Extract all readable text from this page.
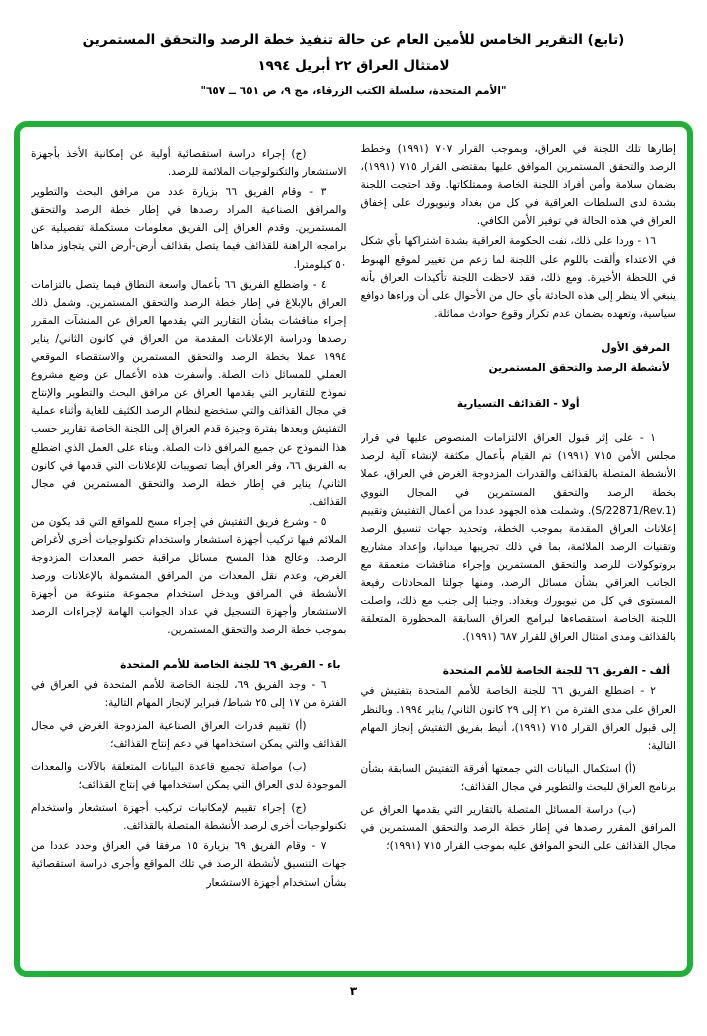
(تابع) التقرير الخامس للأمين العام عن حالة تنفيذ خطة الرصد والتحقق المستمرين
لامتثال العراق ٢٢ أبريل ١٩٩٤
"الأمم المتحدة، سلسلة الكتب الزرقاء، مج ٩، ص ٦٥١ ــ ٦٥٧"
إطارها تلك اللجنة في العراق، وبموجب القرار ٧٠٧ (١٩٩١) وخطط الرصد والتحقق المستمرين الموافق عليها بمقتضى القرار ٧١٥ (١٩٩١)، بضمان سلامة وأمن أفراد اللجنة الخاصة وممتلكاتها. وقد احتجت اللجنة بشدة لدى السلطات العراقية في كل من بغداد ونيويورك على إخفاق العراق في هذه الحالة في توفير الأمن الكافي.
١٦ - وردا على ذلك، نفت الحكومة العراقية بشدة اشتراكها بأي شكل في الاعتداء وألقت باللوم على اللجنة لما زعم من تغيير لموقع الهبوط في اللحظة الأخيرة. ومع ذلك، فقد لاحظت اللجنة تأكيدات العراق بأنه ينبغي ألا ينظر إلى هذه الحادثة بأي حال من الأحوال على أن وراءها دوافع سياسية، وتعهده بضمان عدم تكرار وقوع حوادث مماثلة.
المرفق الأول
لأنشطة الرصد والتحقق المستمرين
أولا - القذائف التسيارية
١ - على إثر قبول العراق الالتزامات المنصوص عليها في قرار مجلس الأمن ٧١٥ (١٩٩١) تم القيام بأعمال مكثفة لإنشاء آلية لرصد الأنشطة المتصلة بالقذائف والقدرات المزدوجة الغرض في العراق، عملا بخطة الرصد والتحقق المستمرين في المجال النووي (S/22871/Rev.1). وشملت هذه الجهود عددا من أعمال التفتيش وتقييم إعلانات العراق المقدمة بموجب الخطة، وتحديد جهات تنسيق الرصد وتقنيات الرصد الملائمة، بما في ذلك تجريبها ميدانيا، وإعداد مشاريع بروتوكولات للرصد والتحقق المستمرين وإجراء مناقشات متعمقة مع الجانب العراقي بشأن مسائل الرصد، ومنها جولتا المحادثات رفيعة المستوى في كل من نيويورك وبغداد. وجنبا إلى جنب مع ذلك، واصلت اللجنة الخاصة استقصاءها لبرامج العراق السابقة المحظورة المتعلقة بالقذائف ومدى امتثال العراق للقرار ٦٨٧ (١٩٩١).
ألف - الفريق ٦٦ للجنة الخاصة للأمم المتحدة
٢ - اضطلع الفريق ٦٦ للجنة الخاصة للأمم المتحدة بتفتيش في العراق على مدى الفترة من ٢١ إلى ٢٩ كانون الثاني/ يناير ١٩٩٤. وبالنظر إلى قبول العراق القرار ٧١٥ (١٩٩١)، أنيط بفريق التفتيش إنجاز المهام التالية:
(أ) استكمال البيانات التي جمعتها أفرقة التفتيش السابقة بشأن برنامج العراق للبحث والتطوير في مجال القذائف؛
(ب) دراسة المسائل المتصلة بالتقارير التي يقدمها العراق عن المرافق المقرر رصدها في إطار خطة الرصد والتحقق المستمرين في مجال القذائف على النحو الموافق عليه بموجب القرار ٧١٥ (١٩٩١)؛
(ج) إجراء دراسة استقصائية أولية عن إمكانية الأخذ بأجهزة الاستشعار والتكنولوجيات الملائمة للرصد.
٣ - وقام الفريق ٦٦ بزيارة عدد من مرافق البحث والتطوير والمرافق الصناعية المراد رصدها في إطار خطة الرصد والتحقق المستمرين. وقدم العراق إلى الفريق معلومات مستكملة تفصيلية عن برامجه الراهنة للقذائف فيما يتصل بقذائف أرض-أرض التي يتجاوز مداها ٥٠ كيلومترا.
٤ - واضطلع الفريق ٦٦ بأعمال واسعة النطاق فيما يتصل بالتزامات العراق بالإبلاغ في إطار خطة الرصد والتحقق المستمرين. وشمل ذلك إجراء مناقشات بشأن التقارير التي يقدمها العراق عن المنشآت المقرر رصدها ودراسة الإعلانات المقدمة من العراق في كانون الثاني/ يناير ١٩٩٤ عملا بخطة الرصد والتحقق المستمرين والاستقصاء الموقعي العملي للمسائل ذات الصلة. وأسفرت هذه الأعمال عن وضع مشروع نموذج للتقارير التي يقدمها العراق عن مرافق البحث والتطوير والإنتاج في مجال القذائف والتي ستخضع لنظام الرصد الكثيف للغاية وأثناء عملية التفتيش وبعدها بفترة وجيزة قدم العراق إلى اللجنة الخاصة تقارير حسب هذا النموذج عن جميع المرافق ذات الصلة. وبناء على العمل الذي اضطلع به الفريق ٦٦، وفر العراق أيضا تصويبات للإعلانات التي قدمها في كانون الثاني/ يناير في إطار خطة الرصد والتحقق المستمرين في مجال القذائف.
٥ - وشرع فريق التفتيش في إجراء مسح للمواقع التي قد يكون من الملائم فيها تركيب أجهزة استشعار واستخدام تكنولوجيات أخرى لأغراض الرصد. وعالج هذا المسح مسائل مراقبة حصر المعدات المزدوجة الغرض، وعدم نقل المعدات من المرافق المشمولة بالإعلانات ورصد الأنشطة في المرافق ويدخل استخدام مجموعة متنوعة من أجهزة الاستشعار وأجهزة التسجيل في عداد الجوانب الهامة لإجراءات الرصد بموجب خطة الرصد والتحقق المستمرين.
باء - الفريق ٦٩ للجنة الخاصة للأمم المتحدة
٦ - وجد الفريق ٦٩، للجنة الخاصة للأمم المتحدة في العراق في الفترة من ١٧ إلى ٢٥ شباط/ فبراير لإنجاز المهام التالية:
(أ) تقييم قدرات العراق الصناعية المزدوجة الغرض في مجال القذائف والتي يمكن استخدامها في دعم إنتاج القذائف؛
(ب) مواصلة تجميع قاعدة البيانات المتعلقة بالآلات والمعدات الموجودة لدى العراق التي يمكن استخدامها في إنتاج القذائف؛
(ج) إجراء تقييم لإمكانيات تركيب أجهزة استشعار واستخدام تكنولوجيات أخرى لرصد الأنشطة المتصلة بالقذائف.
٧ - وقام الفريق ٦٩ بزيارة ١٥ مرفقا في العراق وحدد عددا من جهات التنسيق لأنشطة الرصد في تلك المواقع وأجرى دراسة استقصائية بشأن استخدام أجهزة الاستشعار
٣
